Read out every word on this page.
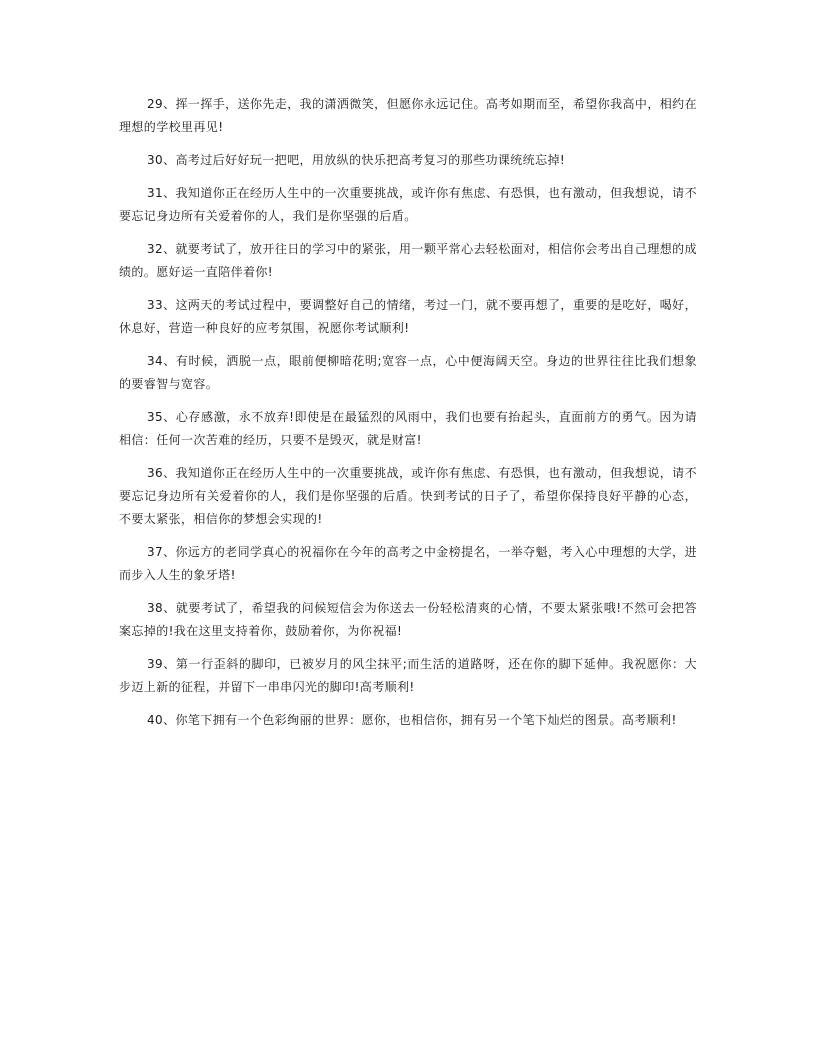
29、挥一挥手，送你先走，我的潇洒微笑，但愿你永远记住。高考如期而至，希望你我高中，相约在理想的学校里再见!

30、高考过后好好玩一把吧，用放纵的快乐把高考复习的那些功课统统忘掉!

31、我知道你正在经历人生中的一次重要挑战，或许你有焦虑、有恐惧，也有激动，但我想说，请不要忘记身边所有关爱着你的人，我们是你坚强的后盾。

32、就要考试了，放开往日的学习中的紧张，用一颗平常心去轻松面对，相信你会考出自己理想的成绩的。愿好运一直陪伴着你!

33、这两天的考试过程中，要调整好自己的情绪，考过一门，就不要再想了，重要的是吃好，喝好，休息好，营造一种良好的应考氛围，祝愿你考试顺利!

34、有时候，洒脱一点，眼前便柳暗花明;宽容一点，心中便海阔天空。身边的世界往往比我们想象的要睿智与宽容。

35、心存感激，永不放弃!即使是在最猛烈的风雨中，我们也要有抬起头，直面前方的勇气。因为请相信：任何一次苦难的经历，只要不是毁灭，就是财富!

36、我知道你正在经历人生中的一次重要挑战，或许你有焦虑、有恐惧，也有激动，但我想说，请不要忘记身边所有关爱着你的人，我们是你坚强的后盾。快到考试的日子了，希望你保持良好平静的心态，不要太紧张，相信你的梦想会实现的!

37、你远方的老同学真心的祝福你在今年的高考之中金榜提名，一举夺魁，考入心中理想的大学，进而步入人生的象牙塔!

38、就要考试了，希望我的问候短信会为你送去一份轻松清爽的心情，不要太紧张哦!不然可会把答案忘掉的!我在这里支持着你，鼓励着你，为你祝福!

39、第一行歪斜的脚印，已被岁月的风尘抹平;而生活的道路呀，还在你的脚下延伸。我祝愿你：大步迈上新的征程，并留下一串串闪光的脚印!高考顺利!

40、你笔下拥有一个色彩绚丽的世界：愿你，也相信你，拥有另一个笔下灿烂的图景。高考顺利!
